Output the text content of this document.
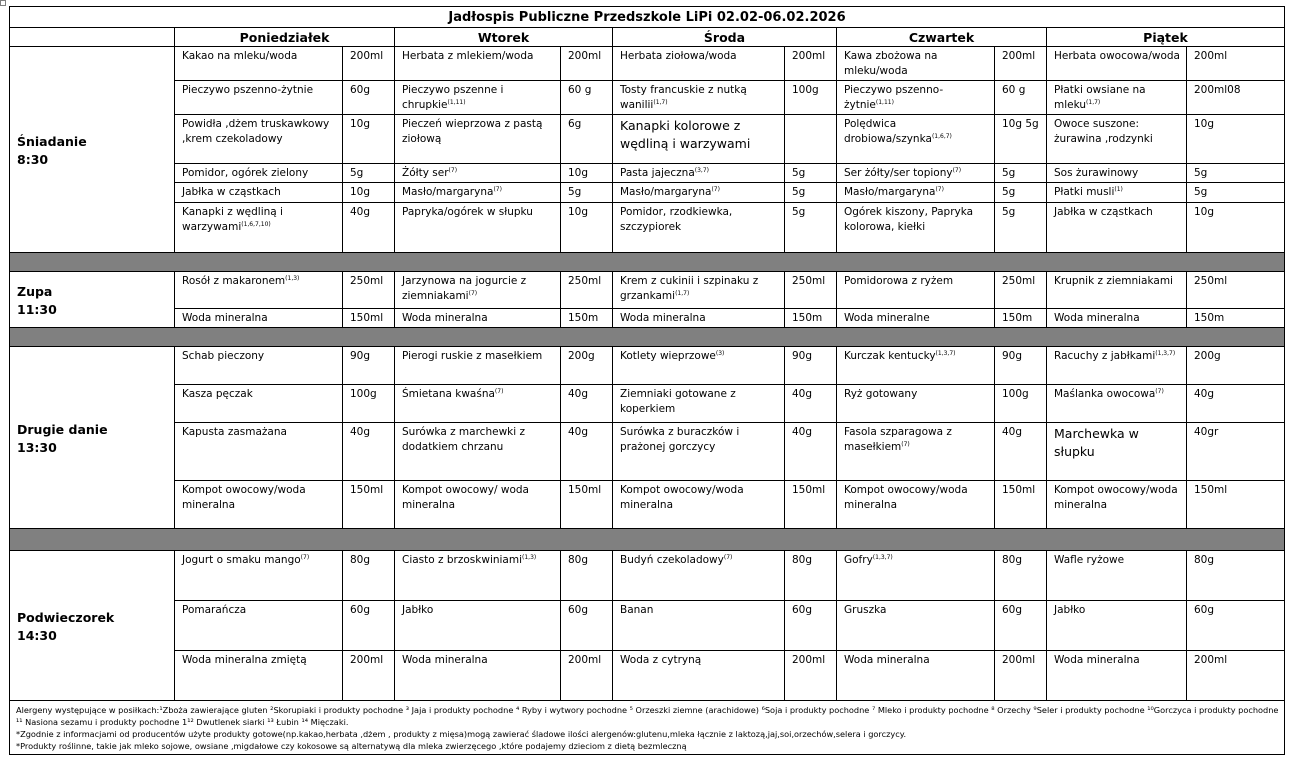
Jadłospis Publiczne Przedszkole LiPi 02.02-06.02.2026										
	Poniedziałek		Wtorek		Środa		Czwartek		Piątek	

Śniadanie
8:30	Kakao na mleku/woda	200ml	Herbata z mlekiem/woda	200ml	Herbata ziołowa/woda	200ml	Kawa zbożowa na mleku/woda	200ml	Herbata owocowa/woda	200ml
	Pieczywo pszenno-żytnie	60g	Pieczywo pszenne i chrupkie$^{(1,11)}$	60 g	Tosty francuskie z nutką wanilii$^{(1,7)}$	100g	Pieczywo pszenno-żytnie$^{(1,11)}$	60 g	Płatki owsiane na mleku$^{(1,7)}$	200ml08
	Powidła ,dżem truskawkowy ,krem czekoladowy	10g	Pieczeń wieprzowa z pastą ziołową	6g	Kanapki kolorowe z wędliną i warzywami		Polędwica drobiowa/szynka$^{(1,6,7)}$	10g 5g	Owoce suszone: żurawina ,rodzynki	10g
	Pomidor, ogórek zielony	5g	Żółty ser$^{(7)}$	10g	Pasta jajeczna$^{(3,7)}$	5g	Ser żółty/ser topiony$^{(7)}$	5g	Sos żurawinowy	5g
	Jabłka w cząstkach	10g	Masło/margaryna$^{(7)}$	5g	Masło/margaryna$^{(7)}$	5g	Masło/margaryna$^{(7)}$	5g	Płatki musli$^{(1)}$	5g
	Kanapki z wędliną i warzywami$^{(1,6,7,10)}$	40g	Papryka/ogórek w słupku	10g	Pomidor, rzodkiewka, szczypiorek	5g	Ogórek kiszony, Papryka kolorowa, kiełki	5g	Jabłka w cząstkach	10g

Zupa
11:30	Rosół z makaronem$^{(1,3)}$	250ml	Jarzynowa na jogurcie z ziemniakami$^{(7)}$	250ml	Krem z cukinii i szpinaku z grzankami$^{(1,7)}$	250ml	Pomidorowa z ryżem	250ml	Krupnik z ziemniakami	250ml
	Woda mineralna	150ml	Woda mineralna	150m	Woda mineralna	150m	Woda mineralne	150m	Woda mineralna	150m

Drugie danie
13:30	Schab pieczony	90g	Pierogi ruskie z masełkiem	200g	Kotlety wieprzowe$^{(3)}$	90g	Kurczak kentucky$^{(1,3,7)}$	90g	Racuchy z jabłkami$^{(1,3,7)}$	200g
	Kasza pęczak	100g	Śmietana kwaśna$^{(7)}$	40g	Ziemniaki gotowane z koperkiem	40g	Ryż gotowany	100g	Maślanka owocowa$^{(7)}$	40g
	Kapusta zasmażana	40g	Surówka z marchewki z dodatkiem chrzanu	40g	Surówka z buraczków i prażonej gorczycy	40g	Fasola szparagowa z masełkiem$^{(7)}$	40g	Marchewka w słupku	40gr
	Kompot owocowy/woda mineralna	150ml	Kompot owocowy/ woda mineralna	150ml	Kompot owocowy/woda mineralna	150ml	Kompot owocowy/woda mineralna	150ml	Kompot owocowy/woda mineralna	150ml

Podwieczorek
14:30	Jogurt o smaku mango$^{(7)}$	80g	Ciasto z brzoskwiniami$^{(1,3)}$	80g	Budyń czekoladowy$^{(7)}$	80g	Gofry$^{(1,3,7)}$	80g	Wafle ryżowe	80g
	Pomarańcza	60g	Jabłko	60g	Banan	60g	Gruszka	60g	Jabłko	60g
	Woda mineralna zmiętą	200ml	Woda mineralna	200ml	Woda z cytryną	200ml	Woda mineralna	200ml	Woda mineralna	200ml

Alergeny występujące w posiłkach:¹Zboża zawierające gluten ²Skorupiaki i produkty pochodne ³ Jaja i produkty pochodne ⁴ Ryby i wytwory pochodne ⁵ Orzeszki ziemne (arachidowe) ⁶Soja i produkty pochodne ⁷ Mleko i produkty pochodne ⁸ Orzechy ⁹Seler i produkty pochodne ¹⁰Gorczyca i produkty pochodne
¹¹ Nasiona sezamu i produkty pochodne 1¹² Dwutlenek siarki ¹³ Łubin ¹⁴ Mięczaki.
*Zgodnie z informacjami od producentów użyte produkty gotowe(np.kakao,herbata ,dżem , produkty z mięsa)mogą zawierać śladowe ilości alergenów:glutenu,mleka łącznie z laktozą,jaj,soi,orzechów,selera i gorczycy.
*Produkty roślinne, takie jak mleko sojowe, owsiane ,migdałowe czy kokosowe są alternatywą dla mleka zwierzęcego ,które podajemy dzieciom z dietą bezmleczną										
